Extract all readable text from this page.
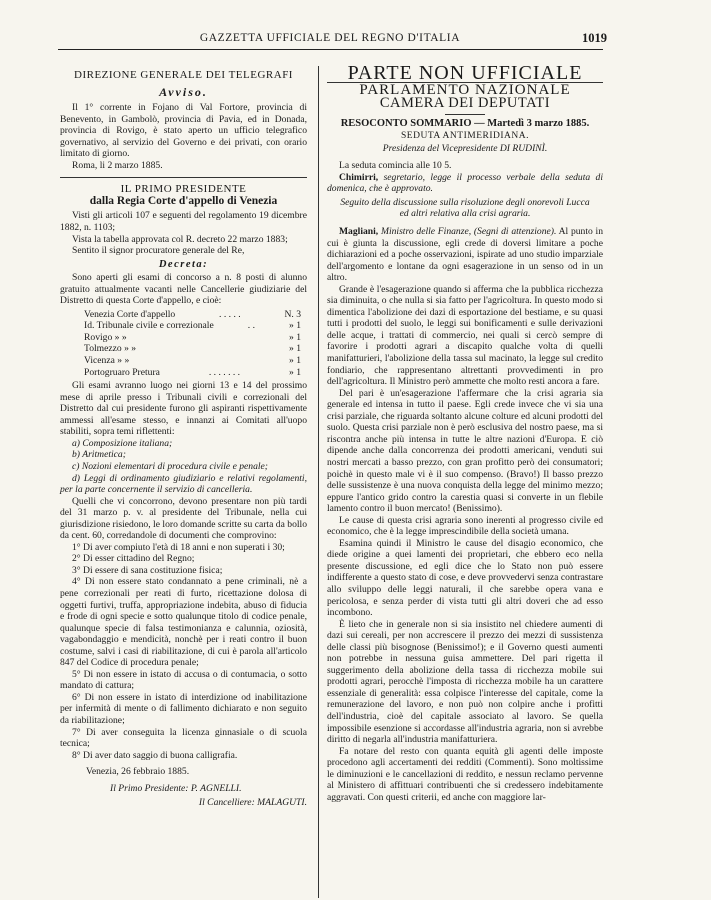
GAZZETTA UFFICIALE DEL REGNO D'ITALIA	1019
DIREZIONE GENERALE DEI TELEGRAFI
Avviso.

Il 1° corrente in Fojano di Val Fortore, provincia di Benevento, in Gambolò, provincia di Pavia, ed in Donada, provincia di Rovigo, è stato aperto un ufficio telegrafico governativo, al servizio del Governo e dei privati, con orario limitato di giorno.

Roma, li 2 marzo 1885.

IL PRIMO PRESIDENTE
dalla Regia Corte d'appello di Venezia

Visti gli articoli 107 e seguenti del regolamento 19 dicembre 1882, n. 1103;

Vista la tabella approvata col R. decreto 22 marzo 1883;

Sentito il signor procuratore generale del Re,

Decreta:

Sono aperti gli esami di concorso a n. 8 posti di alunno gratuito attualmente vacanti nelle Cancellerie giudiziarie del Distretto di questa Corte d'appello, e cioè:

Venezia Corte d'appello	. . . . .	N. 3
Id. Tribunale civile e correzionale	. .	» 1
Rovigo » »	» 1
Tolmezzo » »	» 1
Vicenza » »	» 1
Portogruaro Pretura	. . . . . . .	» 1

Gli esami avranno luogo nei giorni 13 e 14 del prossimo mese di aprile presso i Tribunali civili e correzionali del Distretto dal cui presidente furono gli aspiranti rispettivamente ammessi all'esame stesso, e innanzi ai Comitati all'uopo stabiliti, sopra temi riflettenti:

a) Composizione italiana;

b) Aritmetica;

c) Nozioni elementari di procedura civile e penale;

d) Leggi di ordinamento giudiziario e relativi regolamenti, per la parte concernente il servizio di cancelleria.

Quelli che vi concorrono, devono presentare non più tardi del 31 marzo p. v. al presidente del Tribunale, nella cui giurisdizione risiedono, le loro domande scritte su carta da bollo da cent. 60, corredandole di documenti che comprovino:

1° Di aver compiuto l'età di 18 anni e non superati i 30;

2° Di esser cittadino del Regno;

3° Di essere di sana costituzione fisica;

4° Di non essere stato condannato a pene criminali, nè a pene correzionali per reati di furto, ricettazione dolosa di oggetti furtivi, truffa, appropriazione indebita, abuso di fiducia e frode di ogni specie e sotto qualunque titolo di codice penale, qualunque specie di falsa testimonianza e calunnia, oziosità, vagabondaggio e mendicità, nonchè per i reati contro il buon costume, salvi i casi di riabilitazione, di cui è parola all'articolo 847 del Codice di procedura penale;

5° Di non essere in istato di accusa o di contumacia, o sotto mandato di cattura;

6° Di non essere in istato di interdizione od inabilitazione per infermità di mente o di fallimento dichiarato e non seguito da riabilitazione;

7° Di aver conseguita la licenza ginnasiale o di scuola tecnica;

8° Di aver dato saggio di buona calligrafia.

Venezia, 26 febbraio 1885.

Il Primo Presidente: P. AGNELLI.

Il Cancelliere: MALAGUTI.

PARTE NON UFFICIALE
PARLAMENTO NAZIONALE
CAMERA DEI DEPUTATI
RESOCONTO SOMMARIO — Martedì 3 marzo 1885.
SEDUTA ANTIMERIDIANA.
Presidenza del Vicepresidente DI RUDINÌ.

La seduta comincia alle 10 5.

Chimirri, segretario, legge il processo verbale della seduta di domenica, che è approvato.

Seguito della discussione sulla risoluzione degli onorevoli Lucca ed altri relativa alla crisi agraria.

Magliani, Ministro delle Finanze, (Segni di attenzione). Al punto in cui è giunta la discussione, egli crede di doversi limitare a poche dichiarazioni ed a poche osservazioni, ispirate ad uno studio imparziale dell'argomento e lontane da ogni esagerazione in un senso od in un altro.

Grande è l'esagerazione quando si afferma che la pubblica ricchezza sia diminuita, o che nulla si sia fatto per l'agricoltura. In questo modo si dimentica l'abolizione dei dazi di esportazione del bestiame, e su quasi tutti i prodotti del suolo, le leggi sui bonificamenti e sulle derivazioni delle acque, i trattati di commercio, nei quali si cercò sempre di favorire i prodotti agrari a discapito qualche volta di quelli manifatturieri, l'abolizione della tassa sul macinato, la legge sul credito fondiario, che rappresentano altrettanti provvedimenti in pro dell'agricoltura. Il Ministro però ammette che molto resti ancora a fare.

Del pari è un'esagerazione l'affermare che la crisi agraria sia generale ed intensa in tutto il paese. Egli crede invece che vi sia una crisi parziale, che riguarda soltanto alcune colture ed alcuni prodotti del suolo. Questa crisi parziale non è però esclusiva del nostro paese, ma si riscontra anche più intensa in tutte le altre nazioni d'Europa. E ciò dipende anche dalla concorrenza dei prodotti americani, venduti sui nostri mercati a basso prezzo, con gran profitto però dei consumatori; poichè in questo male vi è il suo compenso. (Bravo!) Il basso prezzo delle sussistenze è una nuova conquista della legge del minimo mezzo; eppure l'antico grido contro la carestia quasi si converte in un flebile lamento contro il buon mercato! (Benissimo).

Le cause di questa crisi agraria sono inerenti al progresso civile ed economico, che è la legge imprescindibile della società umana.

Esamina quindi il Ministro le cause del disagio economico, che diede origine a quei lamenti dei proprietari, che ebbero eco nella presente discussione, ed egli dice che lo Stato non può essere indifferente a questo stato di cose, e deve provvedervi senza contrastare allo sviluppo delle leggi naturali, il che sarebbe opera vana e pericolosa, e senza perder di vista tutti gli altri doveri che ad esso incombono.

È lieto che in generale non si sia insistito nel chiedere aumenti di dazi sui cereali, per non accrescere il prezzo dei mezzi di sussistenza delle classi più bisognose (Benissimo!); e il Governo questi aumenti non potrebbe in nessuna guisa ammettere. Del pari rigetta il suggerimento della abolizione della tassa di ricchezza mobile sui prodotti agrari, perocchè l'imposta di ricchezza mobile ha un carattere essenziale di generalità: essa colpisce l'interesse del capitale, come la remunerazione del lavoro, e non può non colpire anche i profitti dell'industria, cioè del capitale associato al lavoro. Se quella impossibile esenzione si accordasse all'industria agraria, non si avrebbe diritto di negarla all'industria manifatturiera.

Fa notare del resto con quanta equità gli agenti delle imposte procedono agli accertamenti dei redditi (Commenti). Sono moltissime le diminuzioni e le cancellazioni di reddito, e nessun reclamo pervenne al Ministero di affittuari contribuenti che si credessero indebitamente aggravati. Con questi criterii, ed anche con maggiore lar-
